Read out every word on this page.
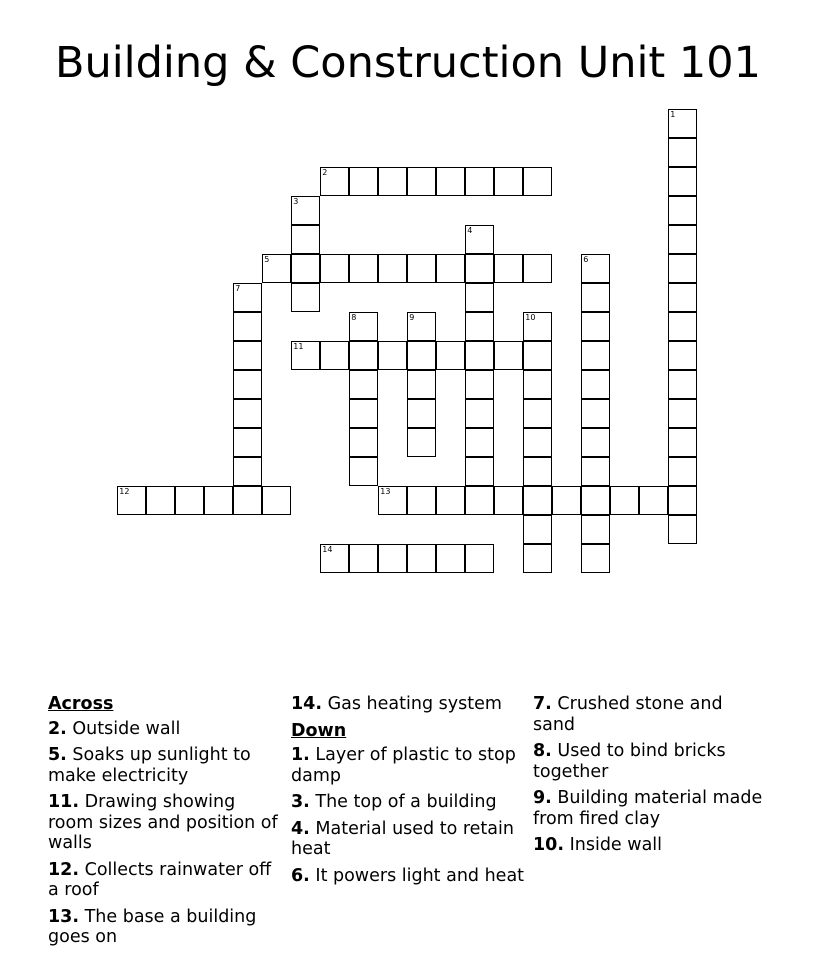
Building & Construction Unit 101
1
2
3
4
5	6
7
8	9	10
11
12	13
14
Across
2. Outside wall
5. Soaks up sunlight to make electricity
11. Drawing showing room sizes and position of walls
12. Collects rainwater off a roof
13. The base a building goes on
14. Gas heating system
Down
1. Layer of plastic to stop damp
3. The top of a building
4. Material used to retain heat
6. It powers light and heat
7. Crushed stone and sand
8. Used to bind bricks together
9. Building material made from fired clay
10. Inside wall
